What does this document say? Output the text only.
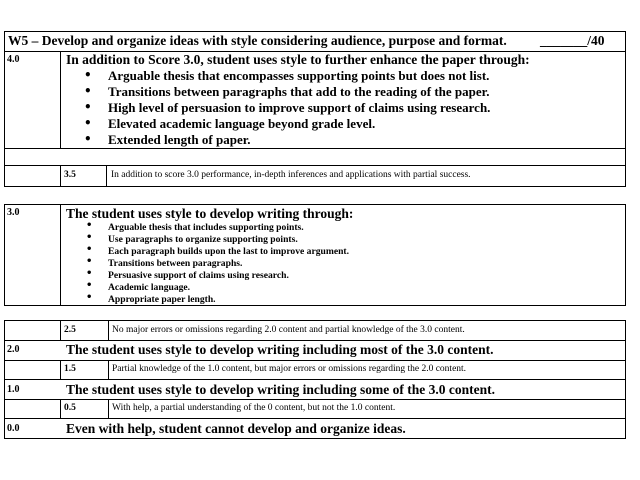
W5 – Develop and organize ideas with style considering audience, purpose and format. _______/40
4.0	In addition to Score 3.0, student uses style to further enhance the paper through:
• Arguable thesis that encompasses supporting points but does not list.
• Transitions between paragraphs that add to the reading of the paper.
• High level of persuasion to improve support of claims using research.
• Elevated academic language beyond grade level.
• Extended length of paper.
3.5	In addition to score 3.0 performance, in-depth inferences and applications with partial success.
3.0	The student uses style to develop writing through:
• Arguable thesis that includes supporting points.
• Use paragraphs to organize supporting points.
• Each paragraph builds upon the last to improve argument.
• Transitions between paragraphs.
• Persuasive support of claims using research.
• Academic language.
• Appropriate paper length.
2.5	No major errors or omissions regarding 2.0 content and partial knowledge of the 3.0 content.
2.0	The student uses style to develop writing including most of the 3.0 content.
1.5	Partial knowledge of the 1.0 content, but major errors or omissions regarding the 2.0 content.
1.0	The student uses style to develop writing including some of the 3.0 content.
0.5	With help, a partial understanding of the 0 content, but not the 1.0 content.
0.0	Even with help, student cannot develop and organize ideas.
